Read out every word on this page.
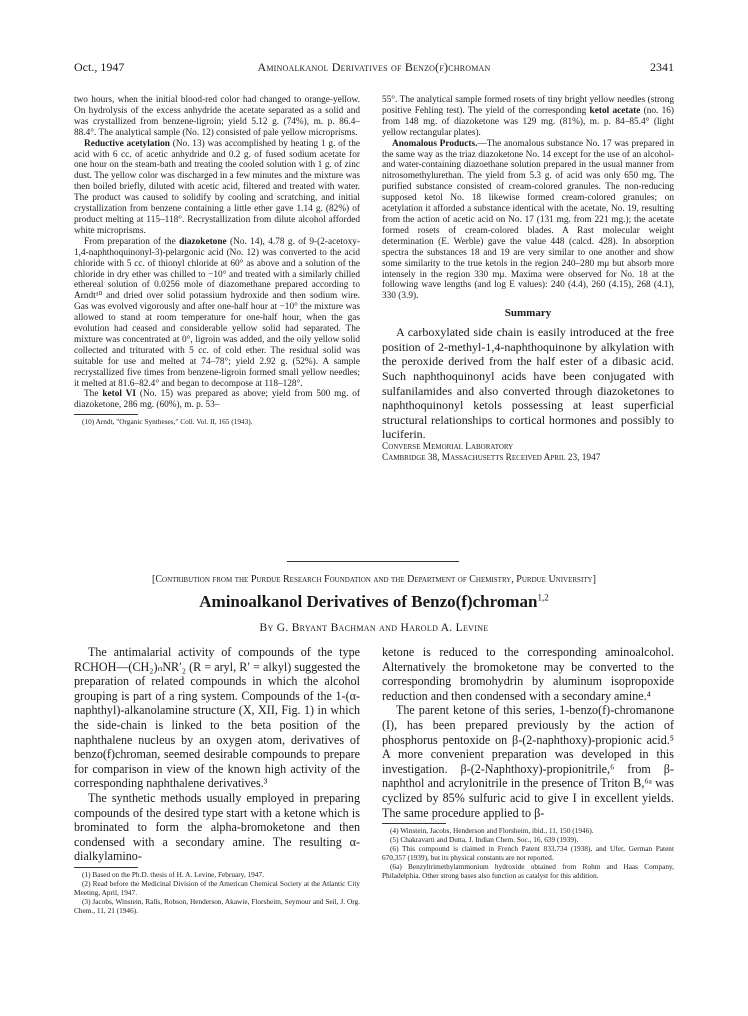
Oct., 1947	Aminoalkanol Derivatives of Benzo(f)chroman	2341

two hours, when the initial blood-red color had changed to orange-yellow. On hydrolysis of the excess anhydride the acetate separated as a solid and was crystallized from benzene-ligroin; yield 5.12 g. (74%), m. p. 86.4–88.4°. The analytical sample (No. 12) consisted of pale yellow microprisms.

Reductive acetylation (No. 13) was accomplished by heating 1 g. of the acid with 6 cc. of acetic anhydride and 0.2 g. of fused sodium acetate for one hour on the steam-bath and treating the cooled solution with 1 g. of zinc dust. The yellow color was discharged in a few minutes and the mixture was then boiled briefly, diluted with acetic acid, filtered and treated with water. The product was caused to solidify by cooling and scratching, and initial crystallization from benzene containing a little ether gave 1.14 g. (82%) of product melting at 115–118°. Recrystallization from dilute alcohol afforded white microprisms.

From preparation of the diazoketone (No. 14), 4.78 g. of 9-(2-acetoxy-1,4-naphthoquinonyl-3)-pelargonic acid (No. 12) was converted to the acid chloride with 5 cc. of thionyl chloride at 60° as above and a solution of the chloride in dry ether was chilled to −10° and treated with a similarly chilled ethereal solution of 0.0256 mole of diazomethane prepared according to Arndt¹⁰ and dried over solid potassium hydroxide and then sodium wire. Gas was evolved vigorously and after one-half hour at −10° the mixture was allowed to stand at room temperature for one-half hour, when the gas evolution had ceased and considerable yellow solid had separated. The mixture was concentrated at 0°, ligroin was added, and the oily yellow solid collected and triturated with 5 cc. of cold ether. The residual solid was suitable for use and melted at 74–78°; yield 2.92 g. (52%). A sample recrystallized five times from benzene-ligroin formed small yellow needles; it melted at 81.6–82.4° and began to decompose at 118–128°.

The ketol VI (No. 15) was prepared as above; yield from 500 mg. of diazoketone, 286 mg. (60%), m. p. 53–

(10) Arndt, "Organic Syntheses," Coll. Vol. II, 165 (1943).

55°. The analytical sample formed rosets of tiny bright yellow needles (strong positive Fehling test). The yield of the corresponding ketol acetate (no. 16) from 148 mg. of diazoketone was 129 mg. (81%), m. p. 84–85.4° (light yellow rectangular plates).

Anomalous Products.—The anomalous substance No. 17 was prepared in the same way as the triaz diazoketone No. 14 except for the use of an alcohol- and water-containing diazoethane solution prepared in the usual manner from nitrosomethylurethan. The yield from 5.3 g. of acid was only 650 mg. The purified substance consisted of cream-colored granules. The non-reducing supposed ketol No. 18 likewise formed cream-colored granules; on acetylation it afforded a substance identical with the acetate, No. 19, resulting from the action of acetic acid on No. 17 (131 mg. from 221 mg.); the acetate formed rosets of cream-colored blades. A Rast molecular weight determination (E. Werble) gave the value 448 (calcd. 428). In absorption spectra the substances 18 and 19 are very similar to one another and show some similarity to the true ketols in the region 240–280 mμ but absorb more intensely in the region 330 mμ. Maxima were observed for No. 18 at the following wave lengths (and log E values): 240 (4.4), 260 (4.15), 268 (4.1), 330 (3.9).

Summary

A carboxylated side chain is easily introduced at the free position of 2-methyl-1,4-naphthoquinone by alkylation with the peroxide derived from the half ester of a dibasic acid. Such naphthoquinonyl acids have been conjugated with sulfanilamides and also converted through diazoketones to naphthoquinonyl ketols possessing at least superficial structural relationships to cortical hormones and possibly to luciferin.

Converse Memorial Laboratory

Cambridge 38, Massachusetts Received April 23, 1947

[Contribution from the Purdue Research Foundation and the Department of Chemistry, Purdue University]
Aminoalkanol Derivatives of Benzo(f)chroman$^{1,2}$
By G. Bryant Bachman and Harold A. Levine

The antimalarial activity of compounds of the type RCHOH—(CH₂)ₙNR′₂ (R = aryl, R′ = alkyl) suggested the preparation of related compounds in which the alcohol grouping is part of a ring system. Compounds of the 1-(α-naphthyl)-alkanolamine structure (X, XII, Fig. 1) in which the side-chain is linked to the beta position of the naphthalene nucleus by an oxygen atom, derivatives of benzo(f)chroman, seemed desirable compounds to prepare for comparison in view of the known high activity of the corresponding naphthalene derivatives.³

The synthetic methods usually employed in preparing compounds of the desired type start with a ketone which is brominated to form the alpha-bromoketone and then condensed with a secondary amine. The resulting α-dialkylamino-

(1) Based on the Ph.D. thesis of H. A. Levine, February, 1947.

(2) Read before the Medicinal Division of the American Chemical Society at the Atlantic City Meeting, April, 1947.

(3) Jacobs, Winstein, Ralls, Robson, Henderson, Akawie, Florsheim, Seymour and Seil, J. Org. Chem., 11, 21 (1946).

ketone is reduced to the corresponding aminoalcohol. Alternatively the bromoketone may be converted to the corresponding bromohydrin by aluminum isopropoxide reduction and then condensed with a secondary amine.⁴

The parent ketone of this series, 1-benzo(f)-chromanone (I), has been prepared previously by the action of phosphorus pentoxide on β-(2-naphthoxy)-propionic acid.⁵ A more convenient preparation was developed in this investigation. β-(2-Naphthoxy)-propionitrile,⁶ from β-naphthol and acrylonitrile in the presence of Triton B,⁶ᵃ was cyclized by 85% sulfuric acid to give I in excellent yields. The same procedure applied to β-

(4) Winstein, Jacobs, Henderson and Florsheim, ibid., 11, 150 (1946).

(5) Chakravarti and Dutta, J. Indian Chem. Soc., 16, 639 (1939).

(6) This compound is claimed in French Patent 833,734 (1938), and Ufer, German Patent 670,357 (1939), but its physical constants are not reported.

(6a) Benzyltrimethylammonium hydroxide obtained from Rohm and Haas Company, Philadelphia. Other strong bases also function as catalyst for this addition.
